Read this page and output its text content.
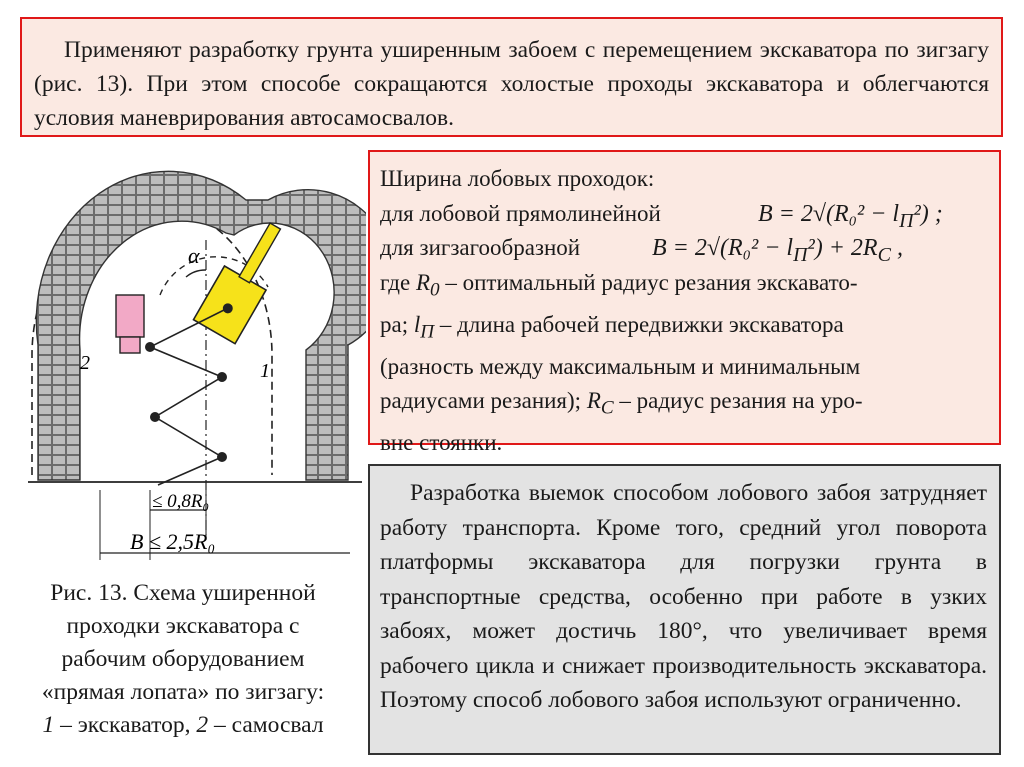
Применяют разработку грунта уширенным забоем с перемещением экскаватора по зигзагу (рис. 13). При этом способе сокращаются холостые проходы экскаватора и облегчаются условия маневрирования автосамосвалов.

α
2	1
≤ 0,8R₀
B ≤ 2,5R₀
Ширина лобовых проходок:
для лобовой прямолинейной	$B = 2√(R_0^2 - l_П^2)$ ;
для зигзагообразной	$B = 2√(R_0^2 - l_П^2) + 2R_C$ ,
где $R_0$ – оптимальный радиус резания экскавато-
ра; $l_П$ – длина рабочей передвижки экскаватора
(разность между максимальным и минимальным
радиусами резания); $R_C$ – радиус резания на уро-
вне стоянки.
Рис. 13. Схема уширенной
проходки экскаватора с
рабочим оборудованием
«прямая лопата» по зигзагу:
1 – экскаватор, 2 – самосвал

Разработка выемок способом лобового забоя затрудняет работу транспорта. Кроме того, средний угол поворота платформы экскаватора для погрузки грунта в транспортные средства, особенно при работе в узких забоях, может достичь 180°, что увеличивает время рабочего цикла и снижает производительность экскаватора. Поэтому способ лобового забоя используют ограниченно.
